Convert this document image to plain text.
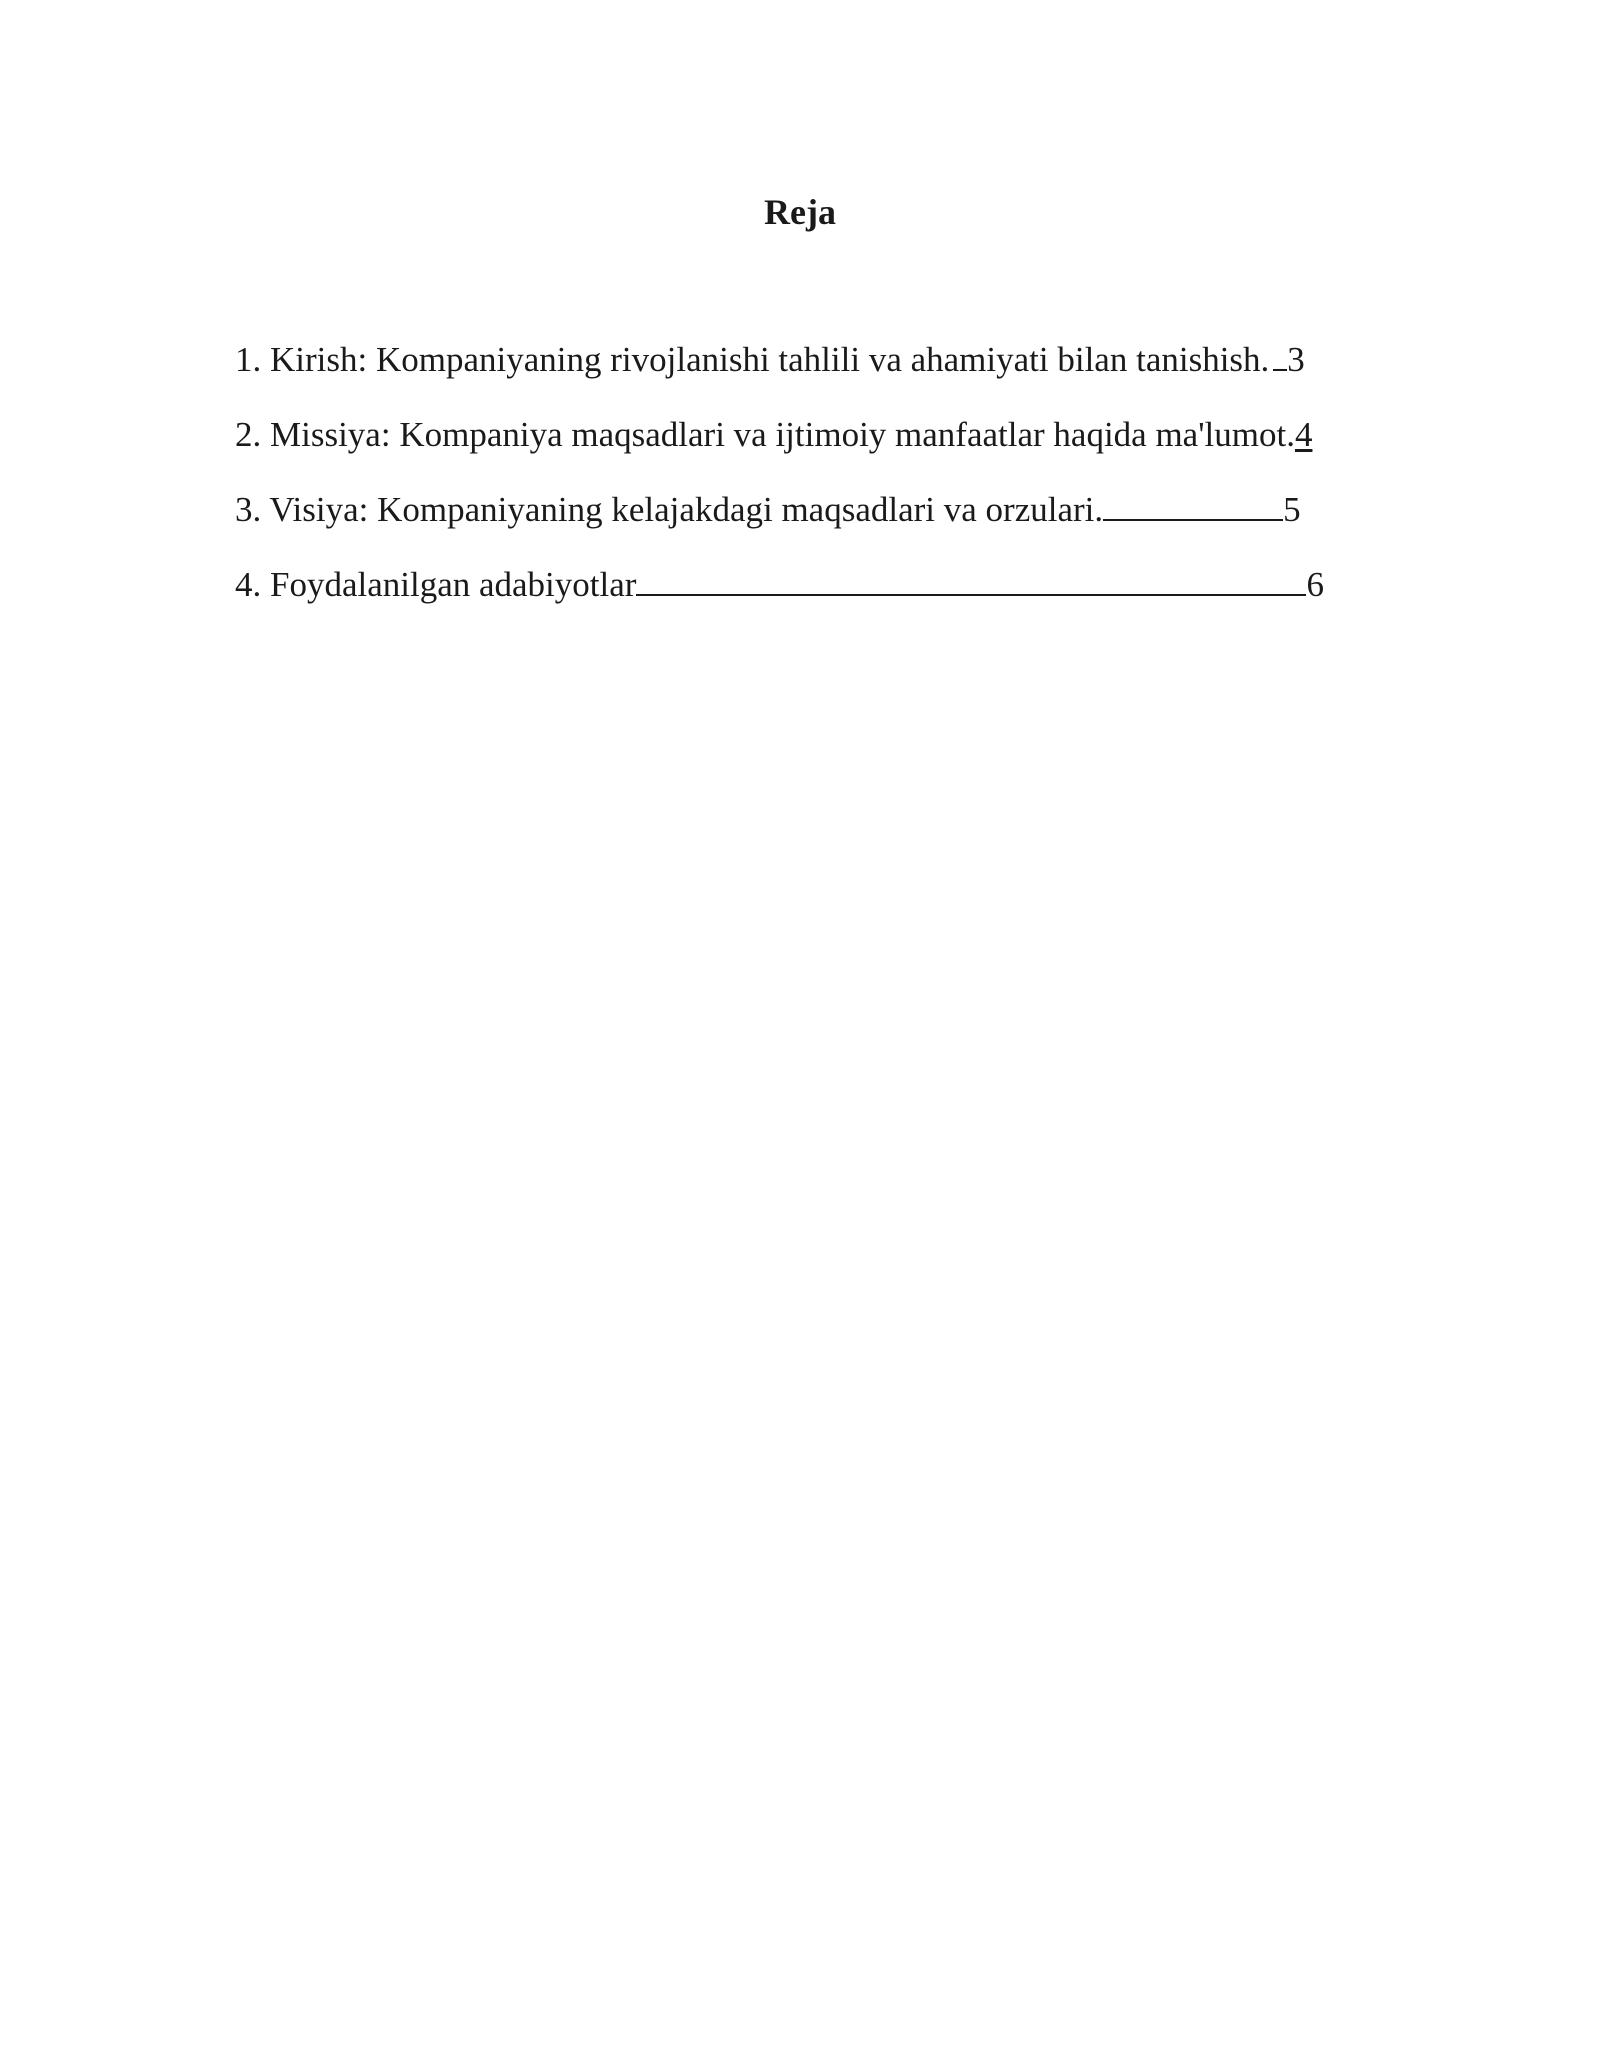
Reja
1. Kirish: Kompaniyaning rivojlanishi tahlili va ahamiyati bilan tanishish. 3
2. Missiya: Kompaniya maqsadlari va ijtimoiy manfaatlar haqida ma'lumot. 4
3. Visiya: Kompaniyaning kelajakdagi maqsadlari va orzulari.	5
4. Foydalanilgan adabiyotlar	6
